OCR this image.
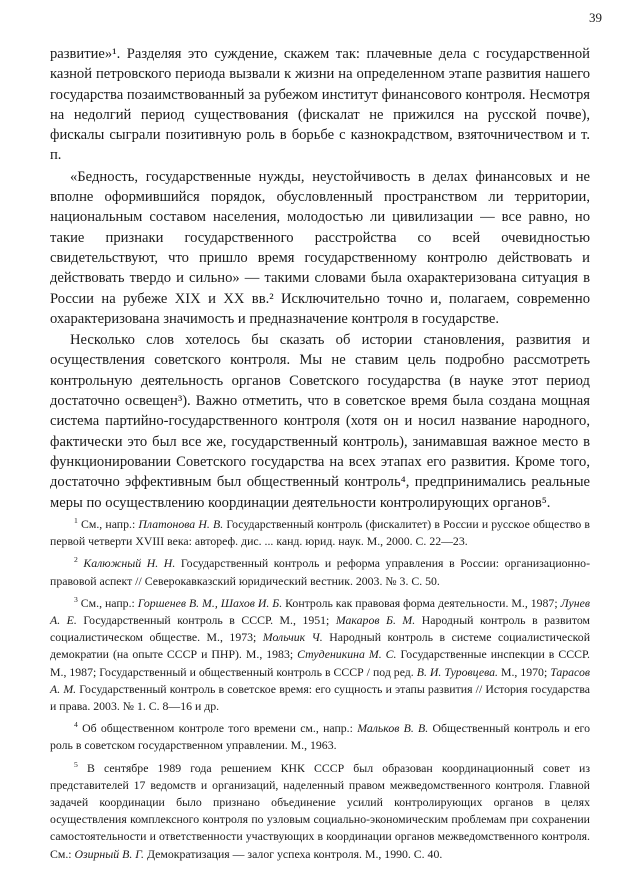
39

развитие»¹. Разделяя это суждение, скажем так: плачевные дела с государственной казной петровского периода вызвали к жизни на определенном этапе развития нашего государства позаимствованный за рубежом институт финансового контроля. Несмотря на недолгий период существования (фискалат не прижился на русской почве), фискалы сыграли позитивную роль в борьбе с казнокрадством, взяточничеством и т. п.

«Бедность, государственные нужды, неустойчивость в делах финансовых и не вполне оформившийся порядок, обусловленный пространством ли территории, национальным составом населения, молодостью ли цивилизации — все равно, но такие признаки государственного расстройства со всей очевидностью свидетельствуют, что пришло время государственному контролю действовать и действовать твердо и сильно» — такими словами была охарактеризована ситуация в России на рубеже XIX и XX вв.² Исключительно точно и, полагаем, современно охарактеризована значимость и предназначение контроля в государстве.

Несколько слов хотелось бы сказать об истории становления, развития и осуществления советского контроля. Мы не ставим цель подробно рассмотреть контрольную деятельность органов Советского государства (в науке этот период достаточно освещен³). Важно отметить, что в советское время была создана мощная система партийно-государственного контроля (хотя он и носил название народного, фактически это был все же, государственный контроль), занимавшая важное место в функционировании Советского государства на всех этапах его развития. Кроме того, достаточно эффективным был общественный контроль⁴, предпринимались реальные меры по осуществлению координации деятельности контролирующих органов⁵.

$^1$ См., напр.: Платонова Н. В. Государственный контроль (фискалитет) в России и русское общество в первой четверти XVIII века: автореф. дис. ... канд. юрид. наук. М., 2000. С. 22—23.

$^2$ Калюжный Н. Н. Государственный контроль и реформа управления в России: организационно-правовой аспект // Северокавказский юридический вестник. 2003. № 3. С. 50.

$^3$ См., напр.: Горшенев В. М., Шахов И. Б. Контроль как правовая форма деятельности. М., 1987; Лунев А. Е. Государственный контроль в СССР. М., 1951; Макаров Б. М. Народный контроль в развитом социалистическом обществе. М., 1973; Мольчик Ч. Народный контроль в системе социалистической демократии (на опыте СССР и ПНР). М., 1983; Студеникина М. С. Государственные инспекции в СССР. М., 1987; Государственный и общественный контроль в СССР / под ред. В. И. Туровцева. М., 1970; Тарасов А. М. Государственный контроль в советское время: его сущность и этапы развития // История государства и права. 2003. № 1. С. 8—16 и др.

$^4$ Об общественном контроле того времени см., напр.: Мальков В. В. Общественный контроль и его роль в советском государственном управлении. М., 1963.

$^5$ В сентябре 1989 года решением КНК СССР был образован координационный совет из представителей 17 ведомств и организаций, наделенный правом межведомственного контроля. Главной задачей координации было признано объединение усилий контролирующих органов в целях осуществления комплексного контроля по узловым социально-экономическим проблемам при сохранении самостоятельности и ответственности участвующих в координации органов межведомственного контроля. См.: Озирный В. Г. Демократизация — залог успеха контроля. М., 1990. С. 40.
